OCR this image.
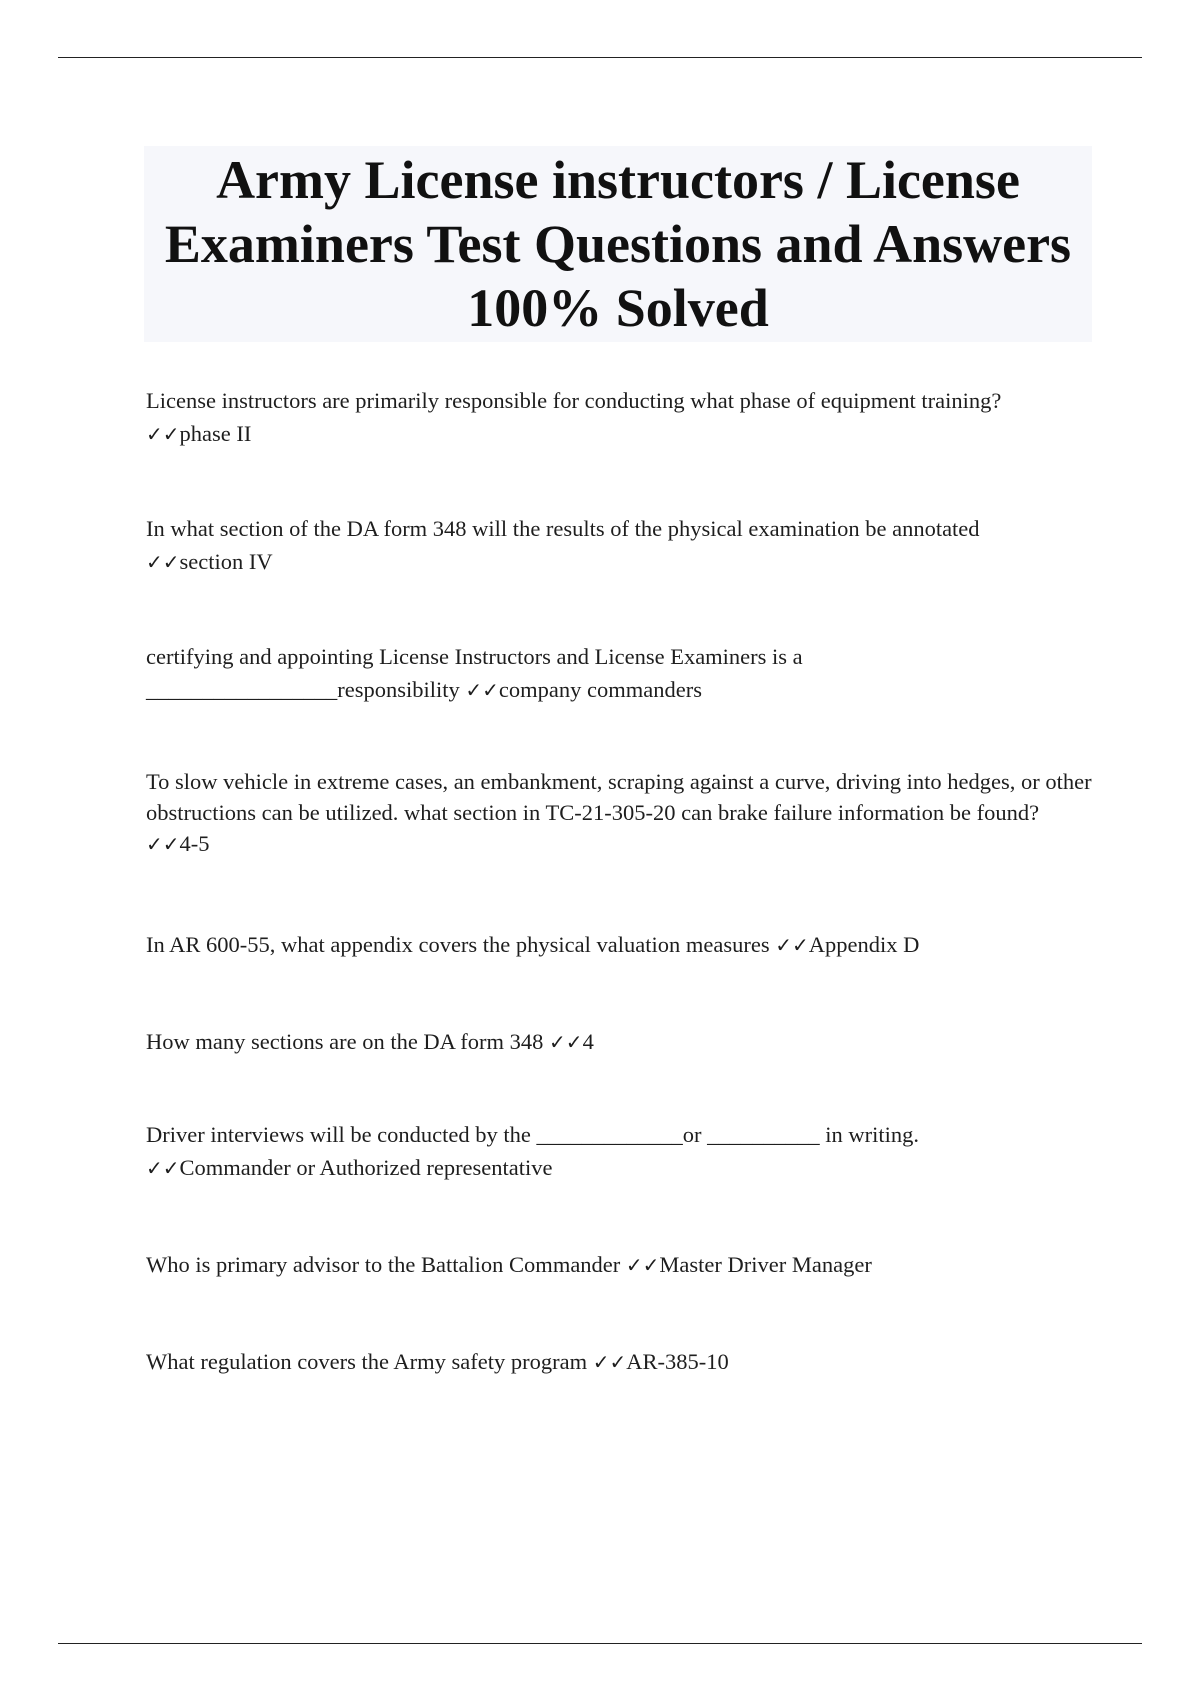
Army License instructors / License Examiners Test Questions and Answers 100% Solved

License instructors are primarily responsible for conducting what phase of equipment training?
✓✓phase II

In what section of the DA form 348 will the results of the physical examination be annotated
✓✓section IV

certifying and appointing License Instructors and License Examiners is a _________________responsibility ✓✓company commanders

To slow vehicle in extreme cases, an embankment, scraping against a curve, driving into hedges, or other obstructions can be utilized. what section in TC-21-305-20 can brake failure information be found? ✓✓4-5

In AR 600-55, what appendix covers the physical valuation measures ✓✓Appendix D

How many sections are on the DA form 348 ✓✓4

Driver interviews will be conducted by the _____________or __________ in writing.
✓✓Commander or Authorized representative

Who is primary advisor to the Battalion Commander ✓✓Master Driver Manager

What regulation covers the Army safety program ✓✓AR-385-10
